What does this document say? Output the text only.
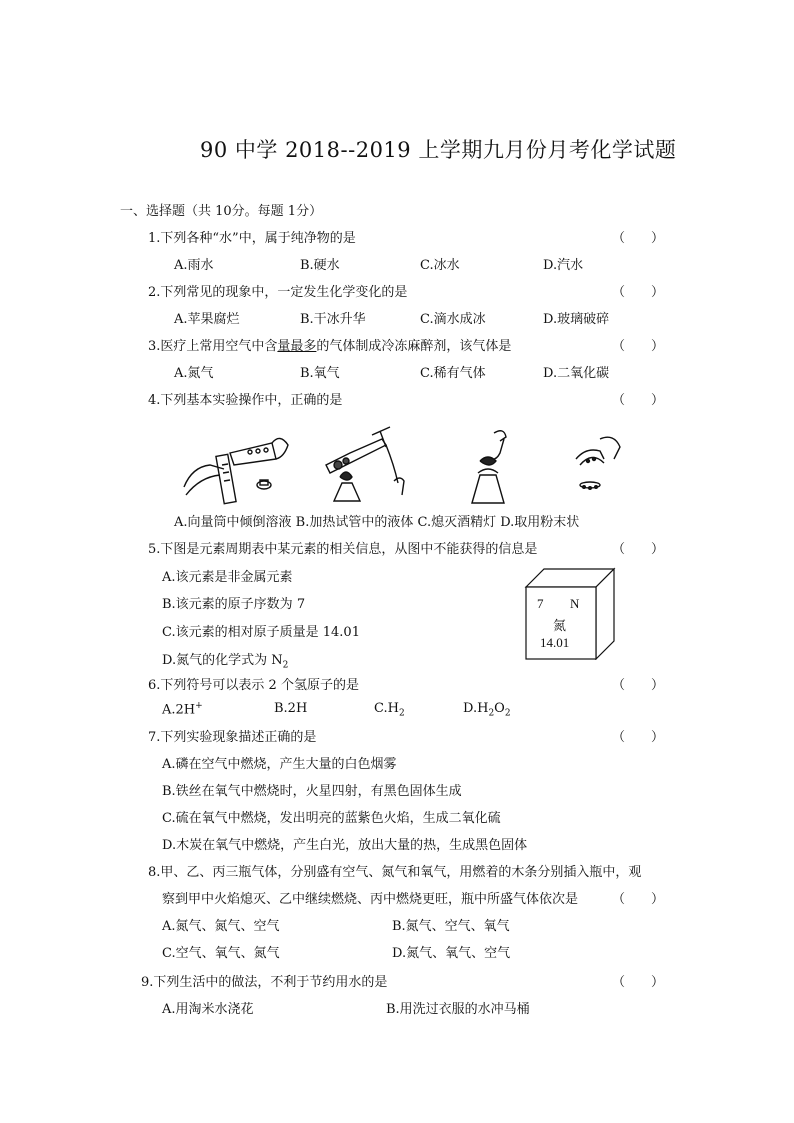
90 中学 2018--2019 上学期九月份月考化学试题
一、选择题（共 10分。每题 1分）
1.下列各种“水”中，属于纯净物的是	（　　）
A.雨水	B.硬水	C.冰水	D.汽水
2.下列常见的现象中，一定发生化学变化的是	（　　）
A.苹果腐烂	B.干冰升华	C.滴水成冰	D.玻璃破碎
3.医疗上常用空气中含量最多的气体制成冷冻麻醉剂，该气体是	（　　）
A.氮气	B.氧气	C.稀有气体	D.二氧化碳
4.下列基本实验操作中，正确的是	（　　）
A.向量筒中倾倒溶液 B.加热试管中的液体 C.熄灭酒精灯 D.取用粉末状
5.下图是元素周期表中某元素的相关信息，从图中不能获得的信息是	（　　）
A.该元素是非金属元素
B.该元素的原子序数为 7
C.该元素的相对原子质量是 14.01
D.氮气的化学式为 $N_2$
7 N
氮
14.01
6.下列符号可以表示 2 个氢原子的是	（　　）
A.2H+	B.2H	$C.H_2$	$D.H_2O_2$
7.下列实验现象描述正确的是	（　　）
A.磷在空气中燃烧，产生大量的白色烟雾
B.铁丝在氧气中燃烧时，火星四射，有黑色固体生成
C.硫在氧气中燃烧，发出明亮的蓝紫色火焰，生成二氧化硫
D.木炭在氧气中燃烧，产生白光，放出大量的热，生成黑色固体
8.甲、乙、丙三瓶气体，分别盛有空气、氮气和氧气，用燃着的木条分别插入瓶中，观
察到甲中火焰熄灭、乙中继续燃烧、丙中燃烧更旺，瓶中所盛气体依次是	（　　）
A.氮气、氮气、空气	B.氮气、空气、氧气
C.空气、氧气、氮气	D.氮气、氧气、空气
9.下列生活中的做法，不利于节约用水的是	（　　）
A.用淘米水浇花	B.用洗过衣服的水冲马桶
